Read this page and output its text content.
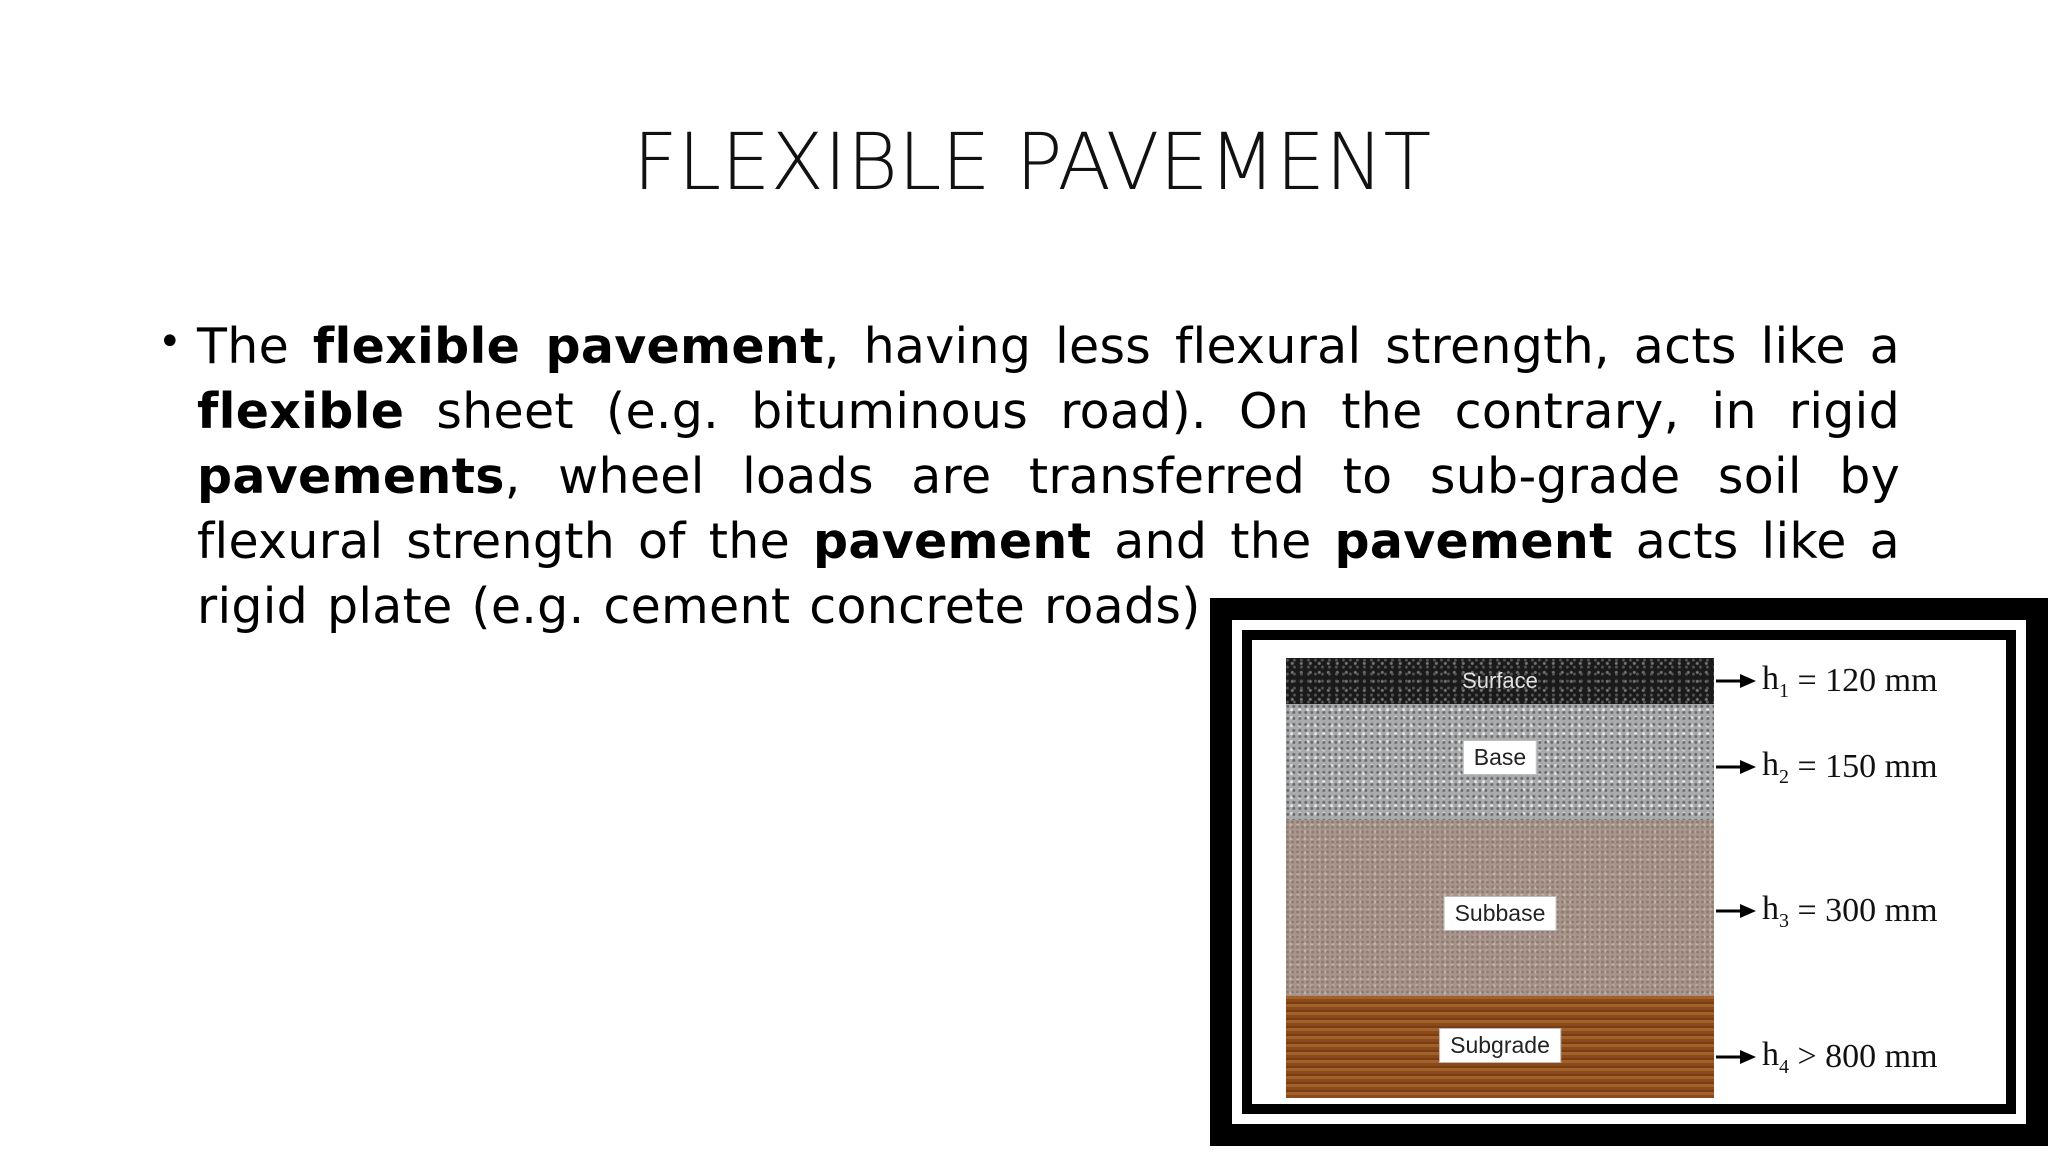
FLEXIBLE PAVEMENT
• The flexible pavement, having less flexural strength, acts like a flexible sheet (e.g. bituminous road). On the contrary, in rigid pavements, wheel loads are transferred to sub-grade soil by flexural strength of the pavement and the pavement acts like a rigid plate (e.g. cement concrete roads)
Surface
Base
Subbase
Subgrade
$h_1$
= 120 mm
$h_2$
= 150 mm
$h_3$
= 300 mm
$h_4$
> 800 mm
